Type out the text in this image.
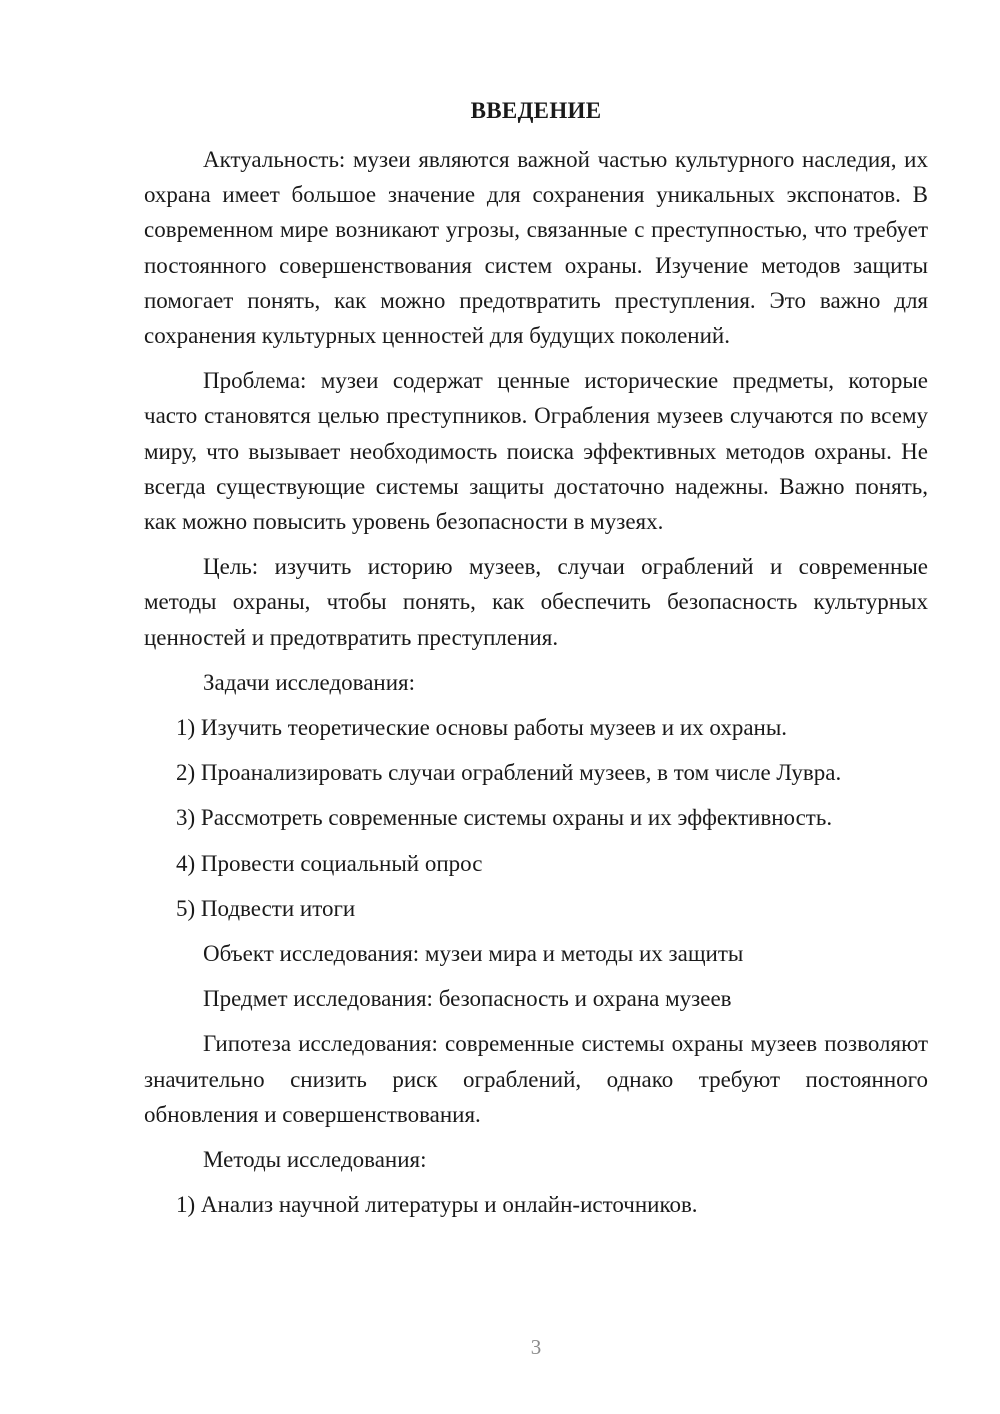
ВВЕДЕНИЕ

Актуальность: музеи являются важной частью культурного наследия, их охрана имеет большое значение для сохранения уникальных экспонатов. В современном мире возникают угрозы, связанные с преступностью, что требует постоянного совершенствования систем охраны. Изучение методов защиты помогает понять, как можно предотвратить преступления. Это важно для сохранения культурных ценностей для будущих поколений.

Проблема: музеи содержат ценные исторические предметы, которые часто становятся целью преступников. Ограбления музеев случаются по всему миру, что вызывает необходимость поиска эффективных методов охраны. Не всегда существующие системы защиты достаточно надежны. Важно понять, как можно повысить уровень безопасности в музеях.

Цель: изучить историю музеев, случаи ограблений и современные методы охраны, чтобы понять, как обеспечить безопасность культурных ценностей и предотвратить преступления.

Задачи исследования:

1) Изучить теоретические основы работы музеев и их охраны.
2) Проанализировать случаи ограблений музеев, в том числе Лувра.
3) Рассмотреть современные системы охраны и их эффективность.
4) Провести социальный опрос
5) Подвести итоги

Объект исследования: музеи мира и методы их защиты

Предмет исследования: безопасность и охрана музеев

Гипотеза исследования: современные системы охраны музеев позволяют значительно снизить риск ограблений, однако требуют постоянного обновления и совершенствования.

Методы исследования:

1) Анализ научной литературы и онлайн-источников.
3
